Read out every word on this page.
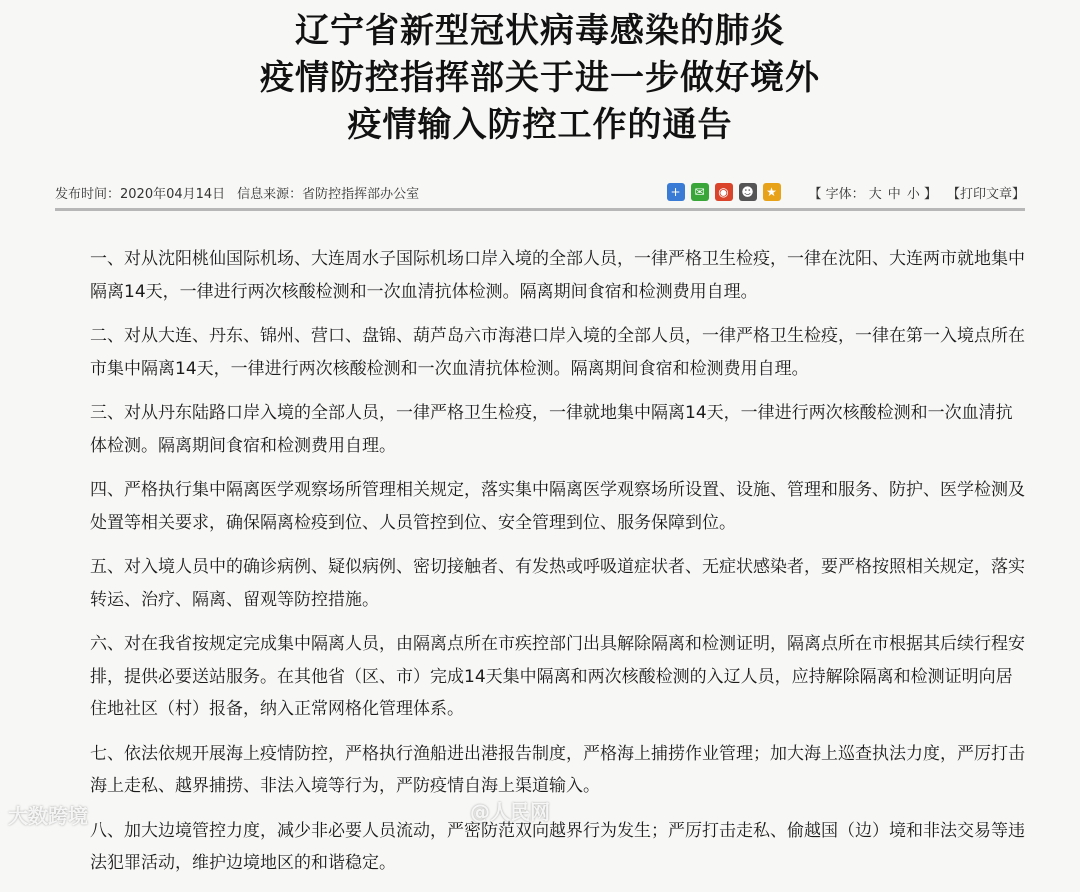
辽宁省新型冠状病毒感染的肺炎
疫情防控指挥部关于进一步做好境外
疫情输入防控工作的通告
发布时间：2020年04月14日 信息来源：省防控指挥部办公室	+	✉	◉	☻	★ 【 字体： 大 中 小 】 【打印文章】

一、对从沈阳桃仙国际机场、大连周水子国际机场口岸入境的全部人员，一律严格卫生检疫，一律在沈阳、大连两市就地集中隔离14天，一律进行两次核酸检测和一次血清抗体检测。隔离期间食宿和检测费用自理。

二、对从大连、丹东、锦州、营口、盘锦、葫芦岛六市海港口岸入境的全部人员，一律严格卫生检疫，一律在第一入境点所在市集中隔离14天，一律进行两次核酸检测和一次血清抗体检测。隔离期间食宿和检测费用自理。

三、对从丹东陆路口岸入境的全部人员，一律严格卫生检疫，一律就地集中隔离14天，一律进行两次核酸检测和一次血清抗体检测。隔离期间食宿和检测费用自理。

四、严格执行集中隔离医学观察场所管理相关规定，落实集中隔离医学观察场所设置、设施、管理和服务、防护、医学检测及处置等相关要求，确保隔离检疫到位、人员管控到位、安全管理到位、服务保障到位。

五、对入境人员中的确诊病例、疑似病例、密切接触者、有发热或呼吸道症状者、无症状感染者，要严格按照相关规定，落实转运、治疗、隔离、留观等防控措施。

六、对在我省按规定完成集中隔离人员，由隔离点所在市疾控部门出具解除隔离和检测证明，隔离点所在市根据其后续行程安排，提供必要送站服务。在其他省（区、市）完成14天集中隔离和两次核酸检测的入辽人员，应持解除隔离和检测证明向居住地社区（村）报备，纳入正常网格化管理体系。

七、依法依规开展海上疫情防控，严格执行渔船进出港报告制度，严格海上捕捞作业管理；加大海上巡查执法力度，严厉打击海上走私、越界捕捞、非法入境等行为，严防疫情自海上渠道输入。

八、加大边境管控力度，减少非必要人员流动，严密防范双向越界行为发生；严厉打击走私、偷越国（边）境和非法交易等违法犯罪活动，维护边境地区的和谐稳定。

大数跨境	@人民网
